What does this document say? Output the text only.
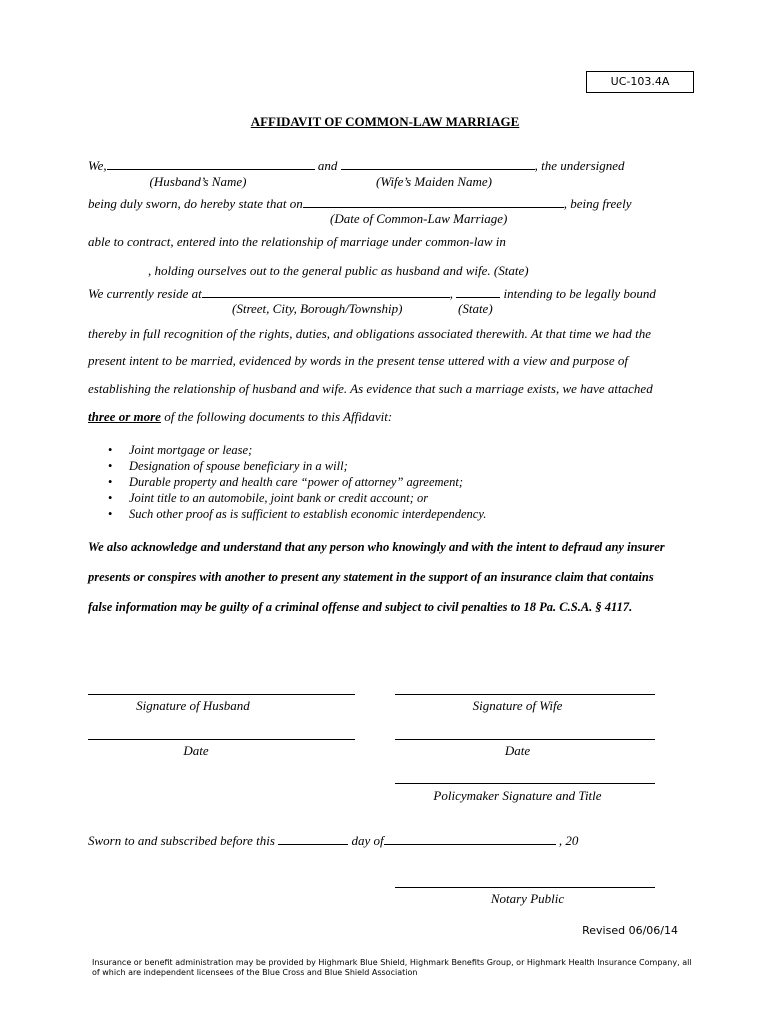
UC-103.4A
AFFIDAVIT OF COMMON-LAW MARRIAGE
We,	and	, the undersigned
(Husband’s Name)	(Wife’s Maiden Name)
being duly sworn, do hereby state that on	, being freely
(Date of Common-Law Marriage)
able to contract, entered into the relationship of marriage under common-law in
, holding ourselves out to the general public as husband and wife. (State)
We currently reside at	,	intending to be legally bound
(Street, City, Borough/Township)	(State)
thereby in full recognition of the rights, duties, and obligations associated therewith. At that time we had the
present intent to be married, evidenced by words in the present tense uttered with a view and purpose of
establishing the relationship of husband and wife. As evidence that such a marriage exists, we have attached
three or more of the following documents to this Affidavit:
• Joint mortgage or lease;
• Designation of spouse beneficiary in a will;
• Durable property and health care “power of attorney” agreement;
• Joint title to an automobile, joint bank or credit account; or
• Such other proof as is sufficient to establish economic interdependency.
We also acknowledge and understand that any person who knowingly and with the intent to defraud any insurer
presents or conspires with another to present any statement in the support of an insurance claim that contains
false information may be guilty of a criminal offense and subject to civil penalties to 18 Pa. C.S.A. § 4117.
Signature of Husband	Signature of Wife
Date	Date
Policymaker Signature and Title
Sworn to and subscribed before this	day of	, 20
Notary Public
Revised 06/06/14
Insurance or benefit administration may be provided by Highmark Blue Shield, Highmark Benefits Group, or Highmark Health Insurance Company, all of which are independent licensees of the Blue Cross and Blue Shield Association
